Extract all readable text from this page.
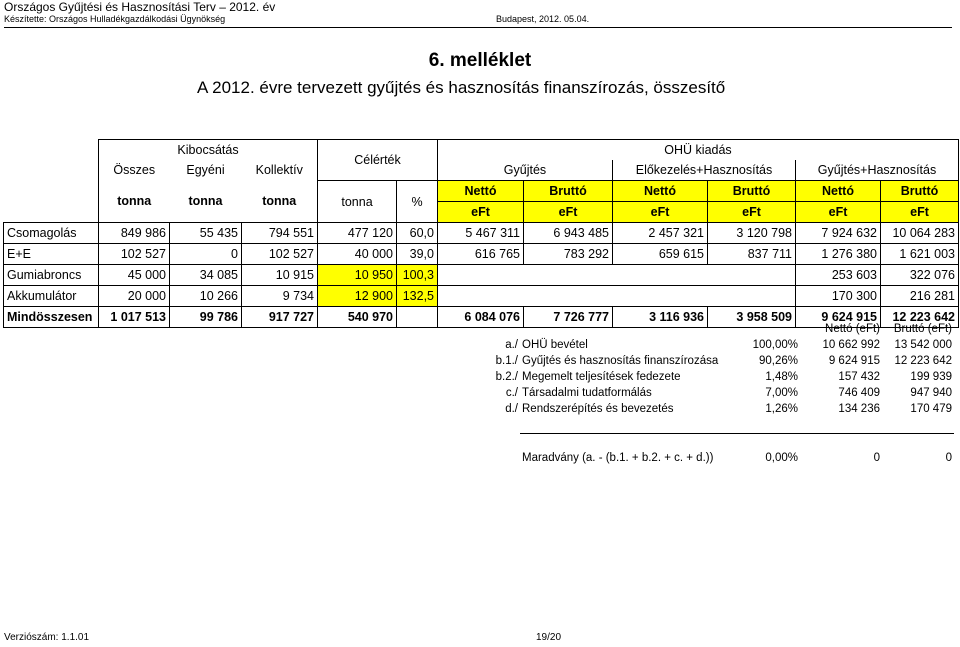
Országos Gyűjtési és Hasznosítási Terv – 2012. év
Készítette: Országos Hulladékgazdálkodási Ügynökség	Budapest, 2012. 05.04.
6. melléklet
A 2012. évre tervezett gyűjtés és hasznosítás finanszírozás, összesítő
	Kibocsátás			Célérték		OHÜ kiadás					
	Összes	Egyéni	Kollektív			Gyűjtés		Előkezelés+Hasznosítás		Gyűjtés+Hasznosítás	
	tonna	tonna	tonna	tonna	%	Nettó	Bruttó	Nettó	Bruttó	Nettó	Bruttó
						eFt	eFt	eFt	eFt	eFt	eFt
Csomagolás	849 986	55 435	794 551	477 120	60,0	5 467 311	6 943 485	2 457 321	3 120 798	7 924 632	10 064 283
E+E	102 527	0	102 527	40 000	39,0	616 765	783 292	659 615	837 711	1 276 380	1 621 003
Gumiabroncs	45 000	34 085	10 915	10 950	100,3					253 603	322 076
Akkumulátor	20 000	10 266	9 734	12 900	132,5					170 300	216 281
Mindösszesen	1 017 513	99 786	917 727	540 970		6 084 076	7 726 777	3 116 936	3 958 509	9 624 915	12 223 642
			Nettó (eFt)	Bruttó (eFt)
a./	OHÜ bevétel	100,00%	10 662 992	13 542 000
b.1./	Gyűjtés és hasznosítás finanszírozása	90,26%	9 624 915	12 223 642
b.2./	Megemelt teljesítések fedezete	1,48%	157 432	199 939
c./	Társadalmi tudatformálás	7,00%	746 409	947 940
d./	Rendszerépítés és bevezetés	1,26%	134 236	170 479

	Maradvány (a. - (b.1. + b.2. + c. + d.))	0,00%	0	0
Verziószám: 1.1.01	19/20
